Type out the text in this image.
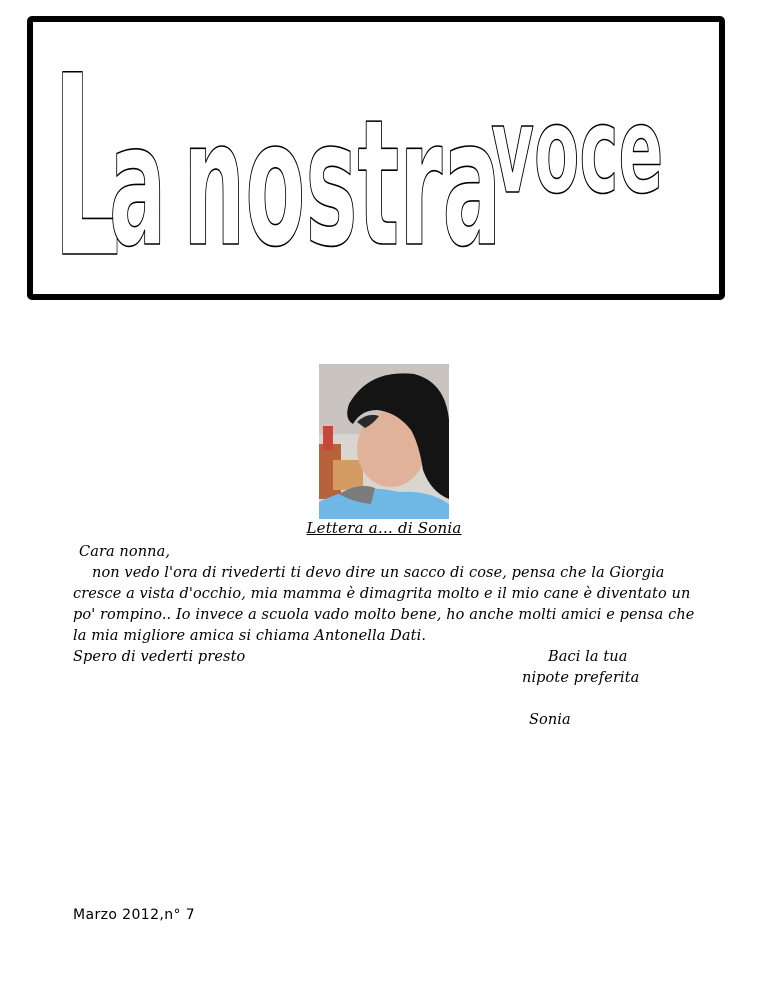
L
a nostra
voce
Lettera a… di Sonia
Cara nonna,
non vedo l'ora di rivederti ti devo dire un sacco di cose, pensa che la Giorgia
cresce a vista d'occhio, mia mamma è dimagrita molto e il mio cane è diventato un
po' rompino.. Io invece a scuola vado molto bene, ho anche molti amici e pensa che
la mia migliore amica si chiama Antonella Dati.
Spero di vederti presto	Baci la tua
nipote preferita
Sonia
Marzo 2012,n° 7
